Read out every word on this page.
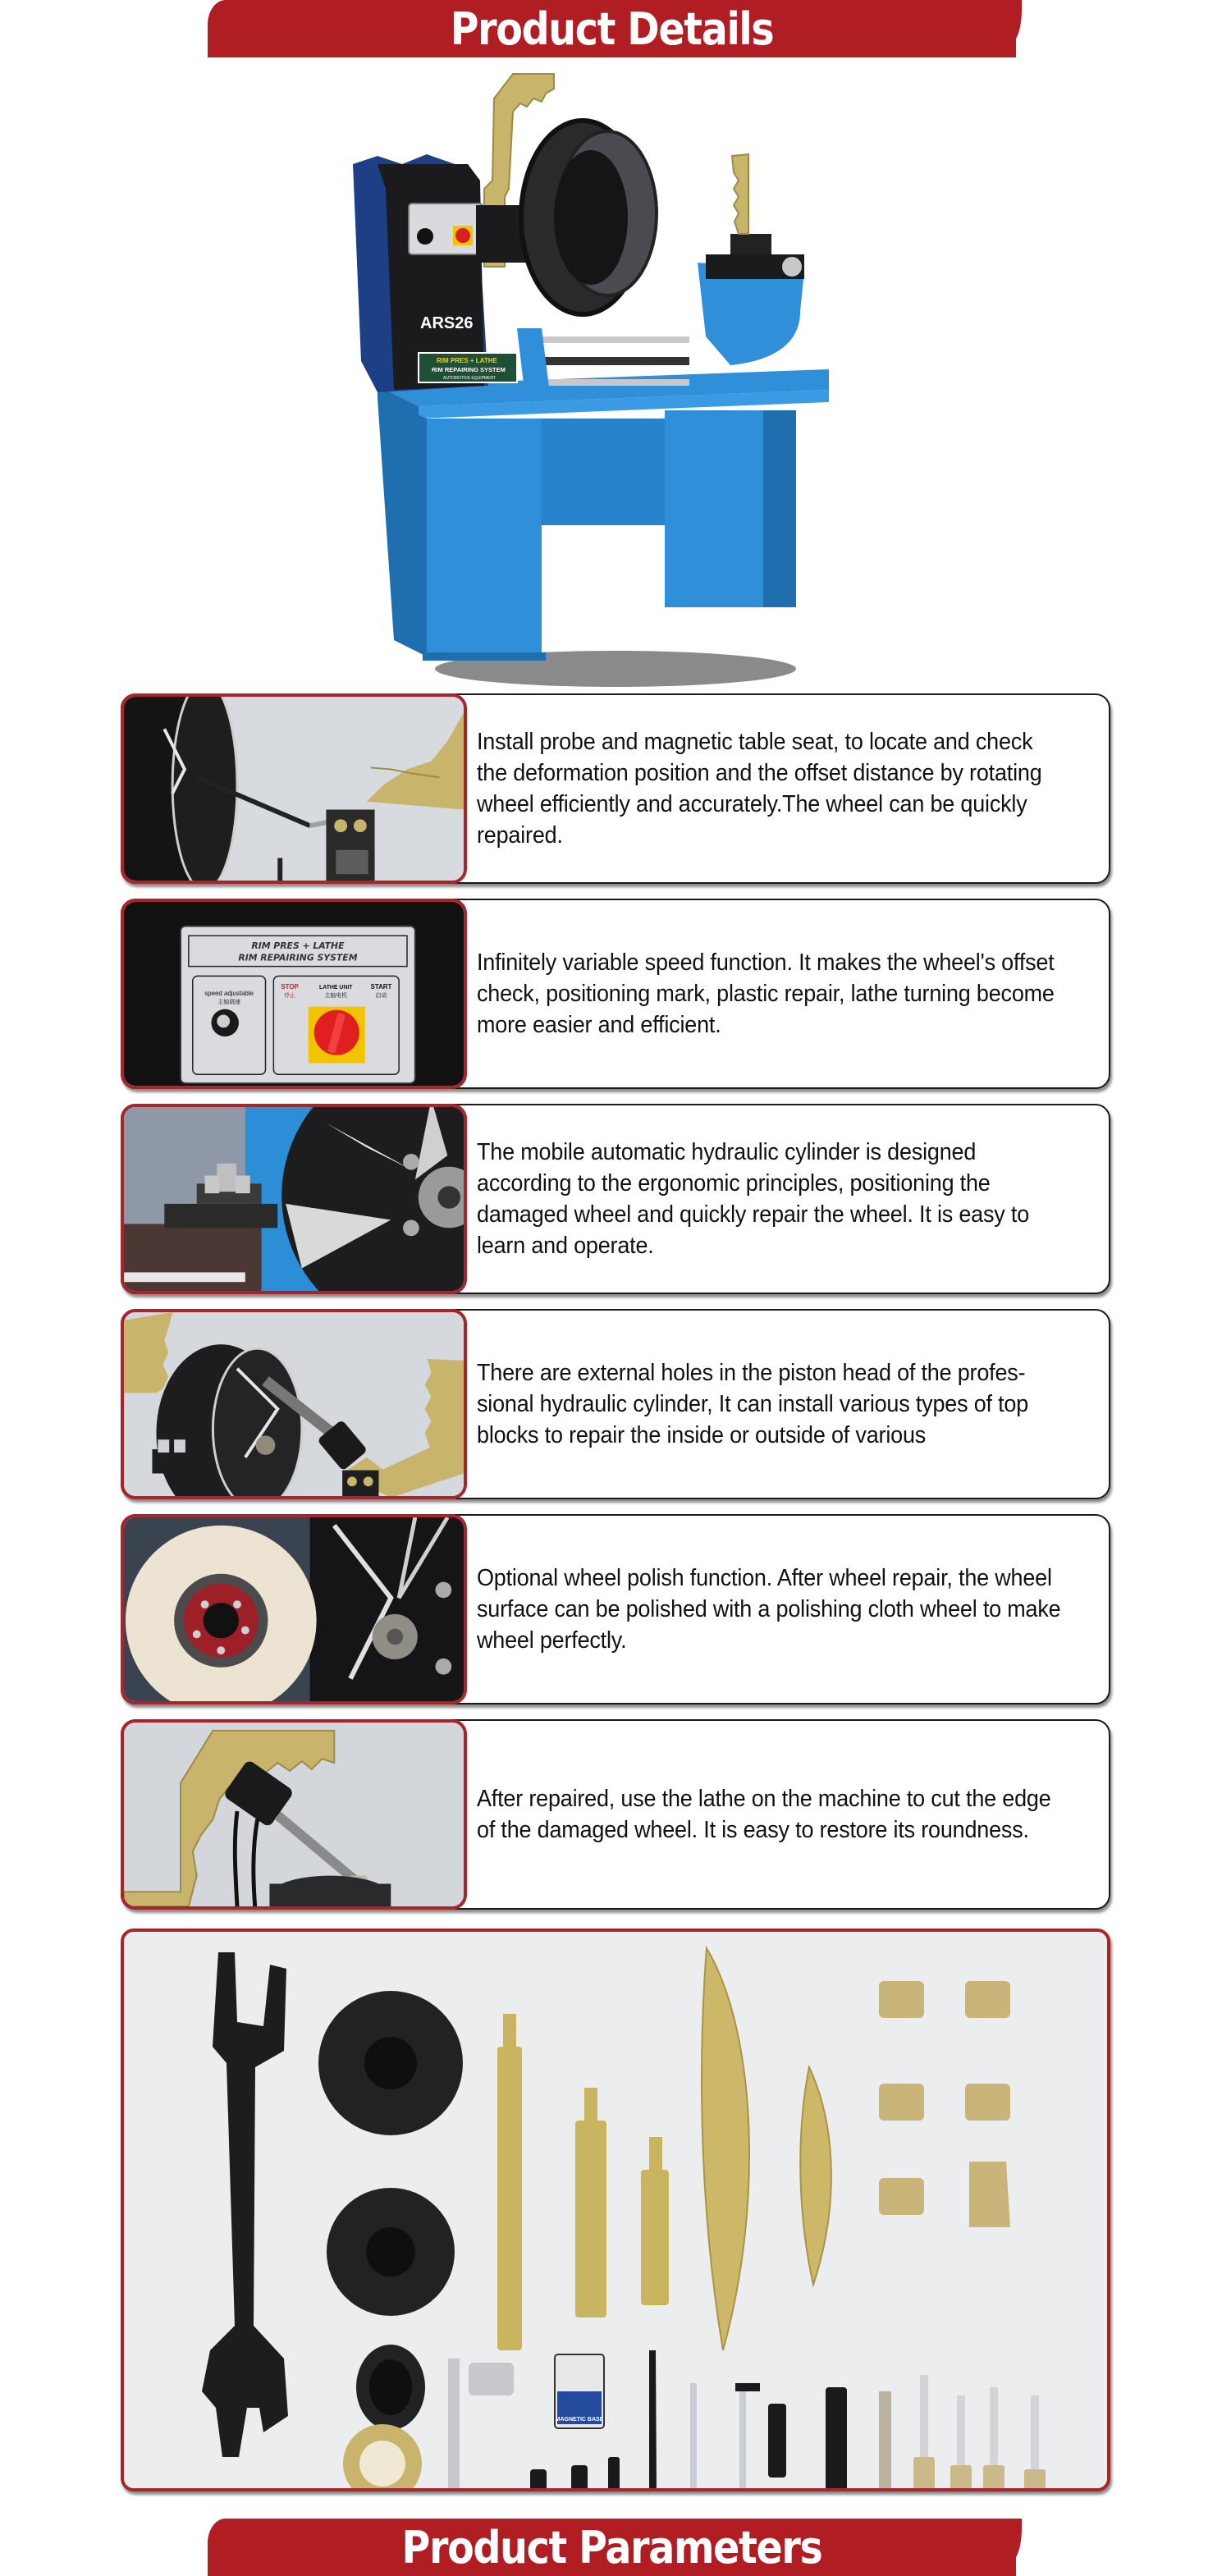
Product Details
ARS26
RIM PRES + LATHE
RIM REPAIRING SYSTEM
AUTOMOTIVE EQUIPMENT
Install probe and magnetic table seat, to locate and check the deformation position and the offset distance by rotating wheel efficiently and accurately.The wheel can be quickly repaired.
RIM PRES + LATHE
RIM REPAIRING SYSTEM
speed adjustable
主轴调速
STOP
停止
LATHE UNIT
主轴电机
START
启动
Infinitely variable speed function. It makes the wheel's offset check, positioning mark, plastic repair, lathe turning become more easier and efficient.
The mobile automatic hydraulic cylinder is designed according to the ergonomic principles, positioning the damaged wheel and quickly repair the wheel. It is easy to learn and operate.
There are external holes in the piston head of the profes-sional hydraulic cylinder, It can install various types of top blocks to repair the inside or outside of various
Optional wheel polish function. After wheel repair, the wheel surface can be polished with a polishing cloth wheel to make wheel perfectly.
After repaired, use the lathe on the machine to cut the edge of the damaged wheel. It is easy to restore its roundness.
MAGNETIC BASE
Product Parameters
